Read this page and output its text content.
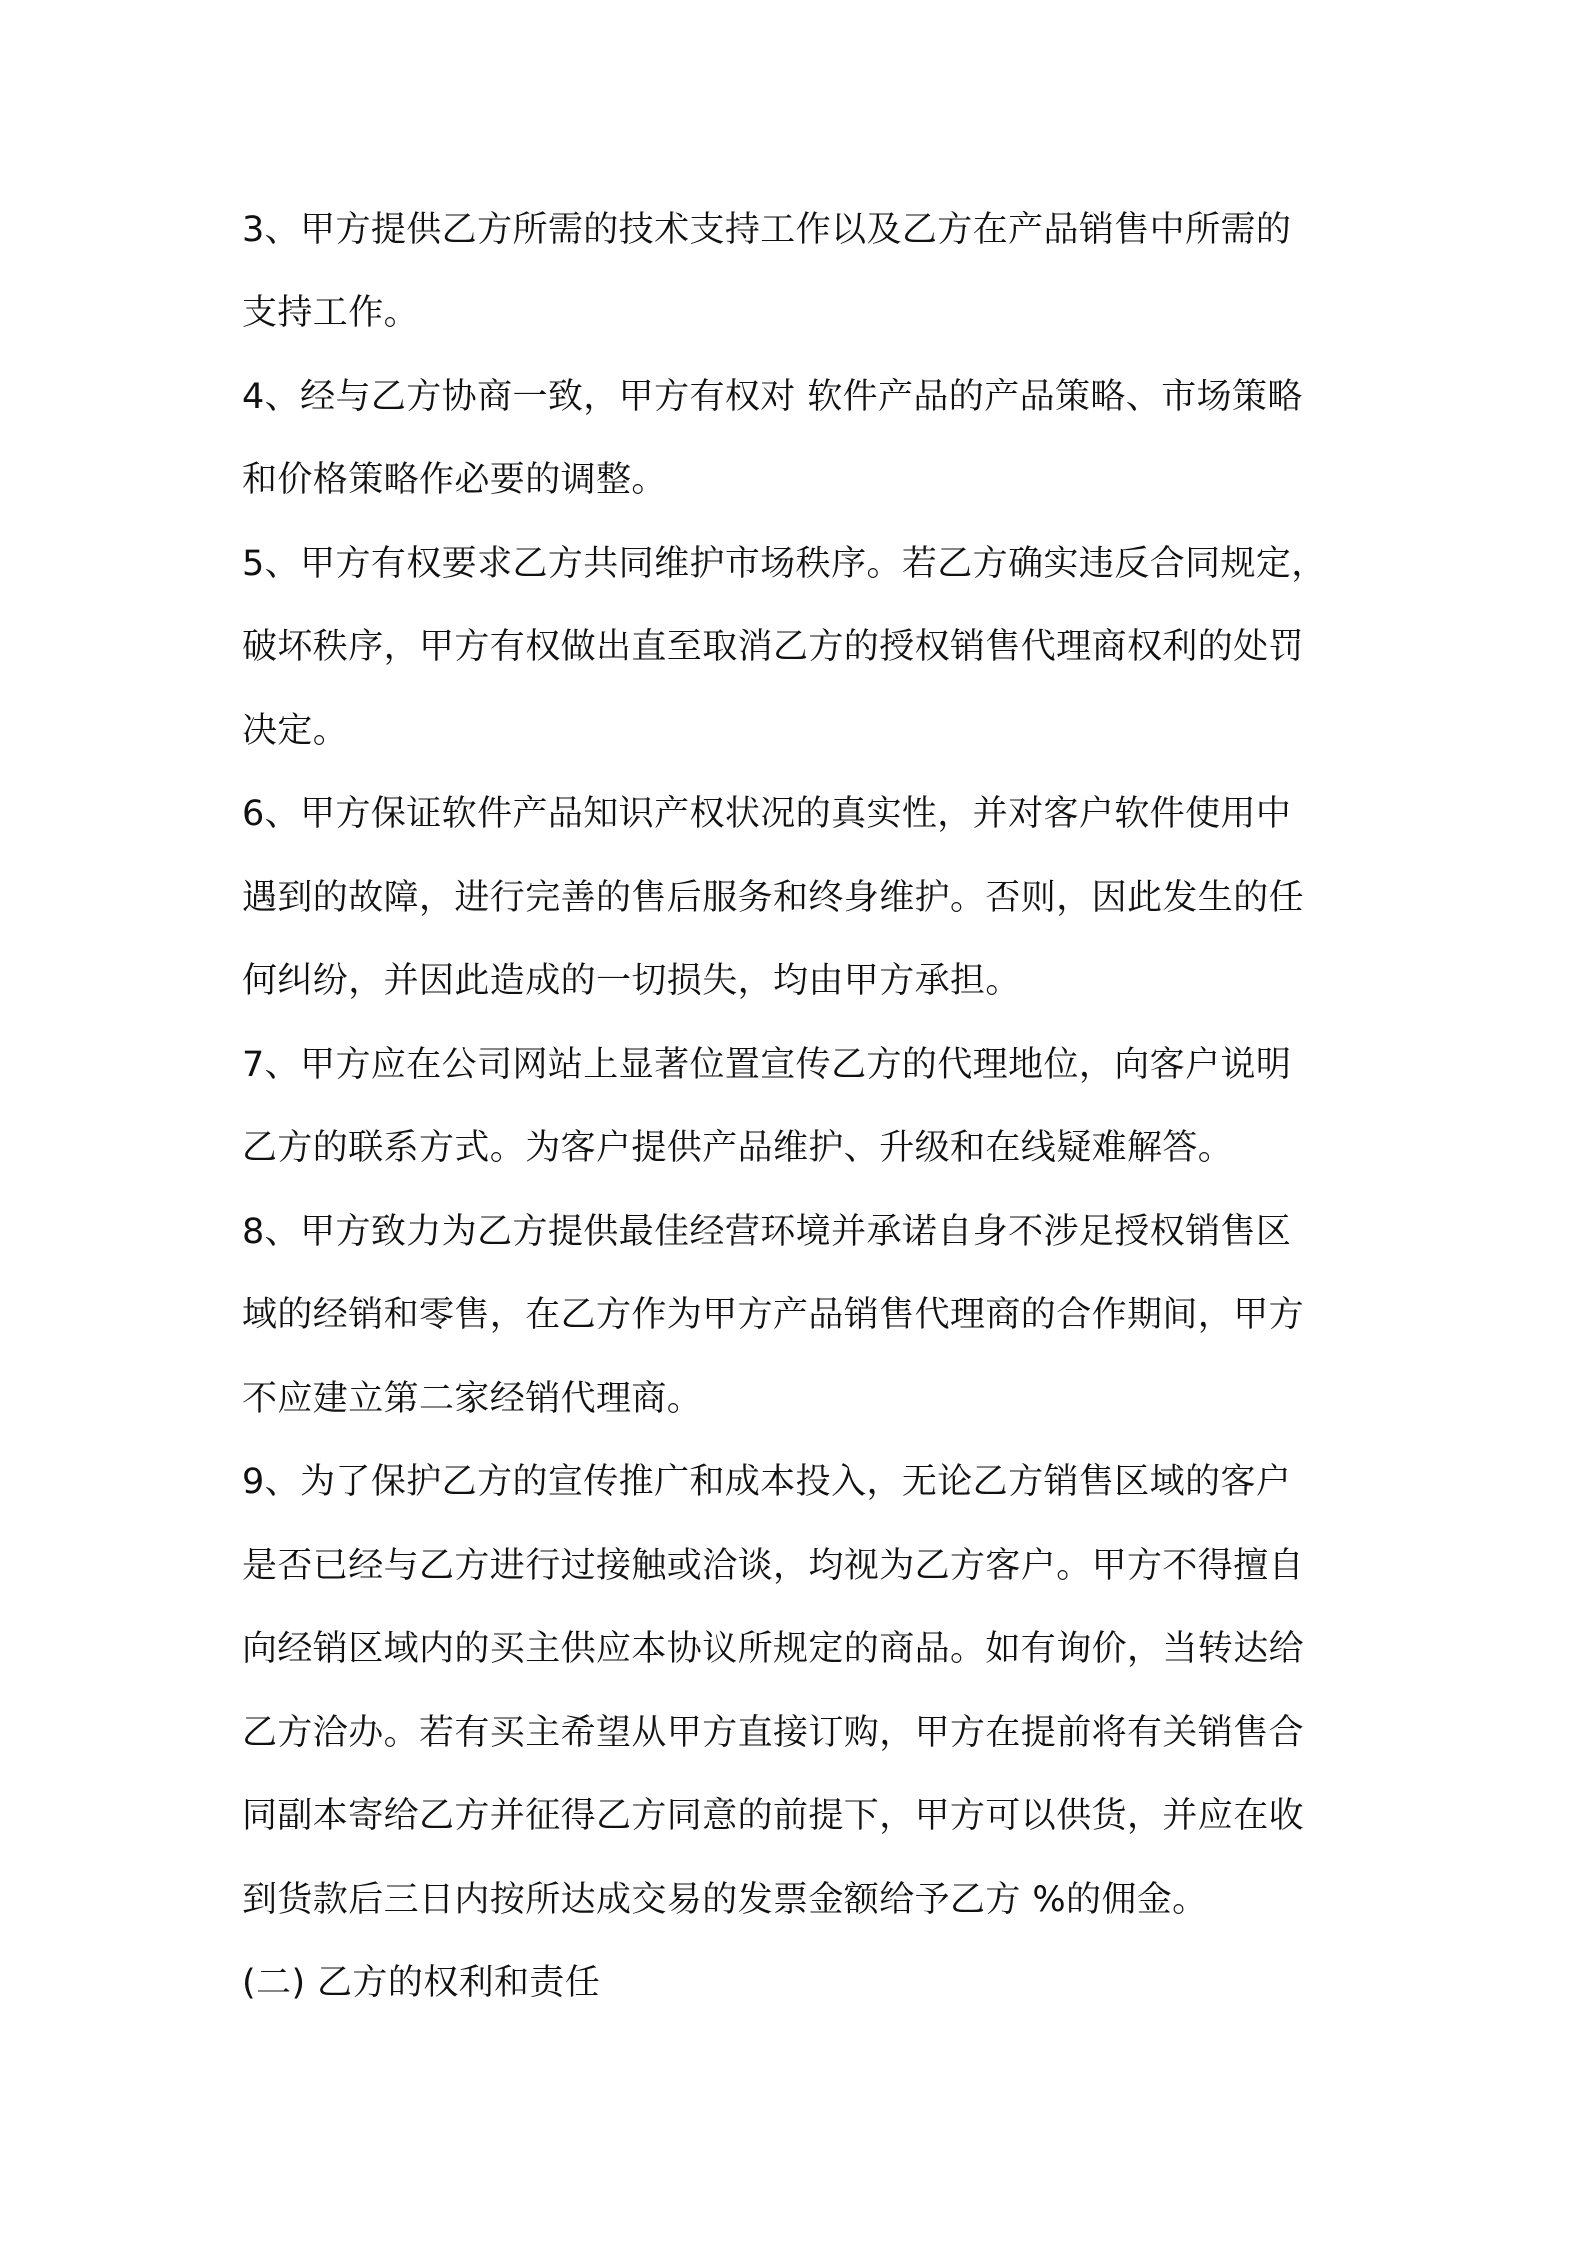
3、甲方提供乙方所需的技术支持工作以及乙方在产品销售中所需的

支持工作。

4、经与乙方协商一致，甲方有权对 软件产品的产品策略、市场策略

和价格策略作必要的调整。

5、甲方有权要求乙方共同维护市场秩序。若乙方确实违反合同规定，

破坏秩序，甲方有权做出直至取消乙方的授权销售代理商权利的处罚

决定。

6、甲方保证软件产品知识产权状况的真实性，并对客户软件使用中

遇到的故障，进行完善的售后服务和终身维护。否则，因此发生的任

何纠纷，并因此造成的一切损失，均由甲方承担。

7、甲方应在公司网站上显著位置宣传乙方的代理地位，向客户说明

乙方的联系方式。为客户提供产品维护、升级和在线疑难解答。

8、甲方致力为乙方提供最佳经营环境并承诺自身不涉足授权销售区

域的经销和零售，在乙方作为甲方产品销售代理商的合作期间，甲方

不应建立第二家经销代理商。

9、为了保护乙方的宣传推广和成本投入，无论乙方销售区域的客户

是否已经与乙方进行过接触或洽谈，均视为乙方客户。甲方不得擅自

向经销区域内的买主供应本协议所规定的商品。如有询价，当转达给

乙方洽办。若有买主希望从甲方直接订购，甲方在提前将有关销售合

同副本寄给乙方并征得乙方同意的前提下，甲方可以供货，并应在收

到货款后三日内按所达成交易的发票金额给予乙方 %的佣金。

(二) 乙方的权利和责任
